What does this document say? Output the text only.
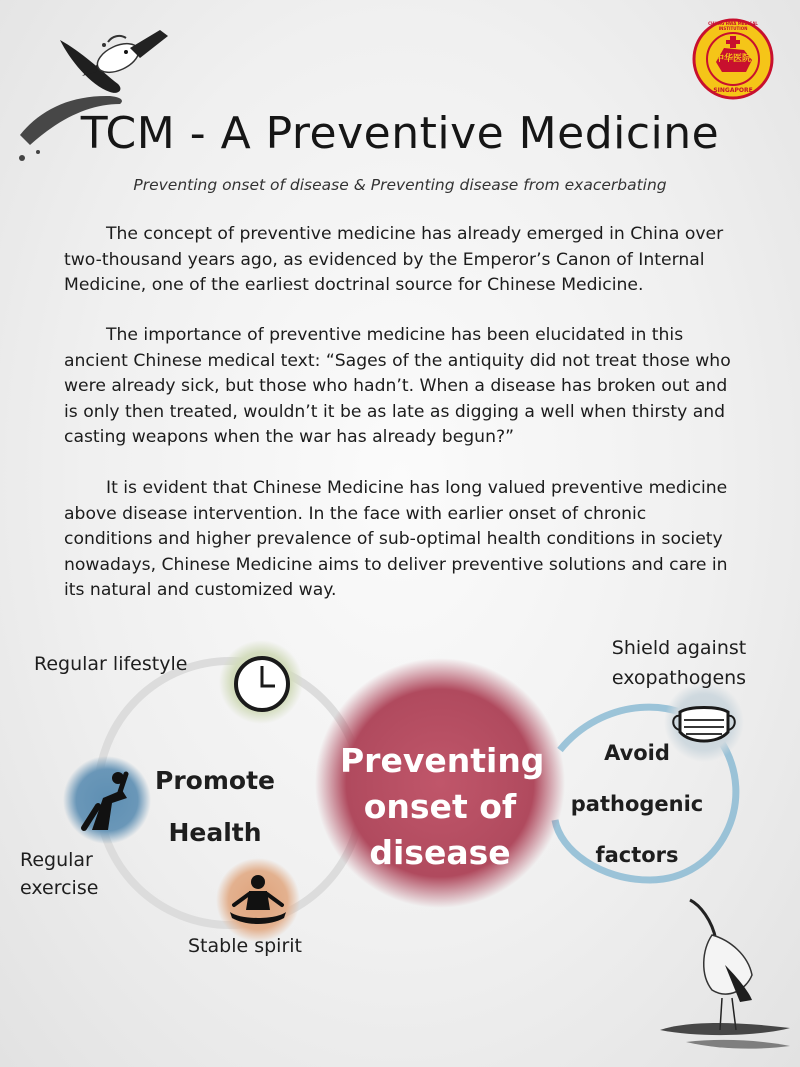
中华医院
CHUNG HWA MEDICAL INSTITUTION
SINGAPORE
TCM - A Preventive Medicine
Preventing onset of disease & Preventing disease from exacerbating
The concept of preventive medicine has already emerged in China over two-thousand years ago, as evidenced by the Emperor’s Canon of Internal Medicine, one of the earliest doctrinal source for Chinese Medicine.
The importance of preventive medicine has been elucidated in this ancient Chinese medical text: “Sages of the antiquity did not treat those who were already sick, but those who hadn’t. When a disease has broken out and is only then treated, wouldn’t it be as late as digging a well when thirsty and casting weapons when the war has already begun?”
It is evident that Chinese Medicine has long valued preventive medicine above disease intervention. In the face with earlier onset of chronic conditions and higher prevalence of sub-optimal health conditions in society nowadays, Chinese Medicine aims to deliver preventive solutions and care in its natural and customized way.
Regular lifestyle
Regular
exercise
Stable spirit
Shield against
exopathogens
Promote
Health
Avoid
pathogenic
factors
Preventing
onset of
disease
